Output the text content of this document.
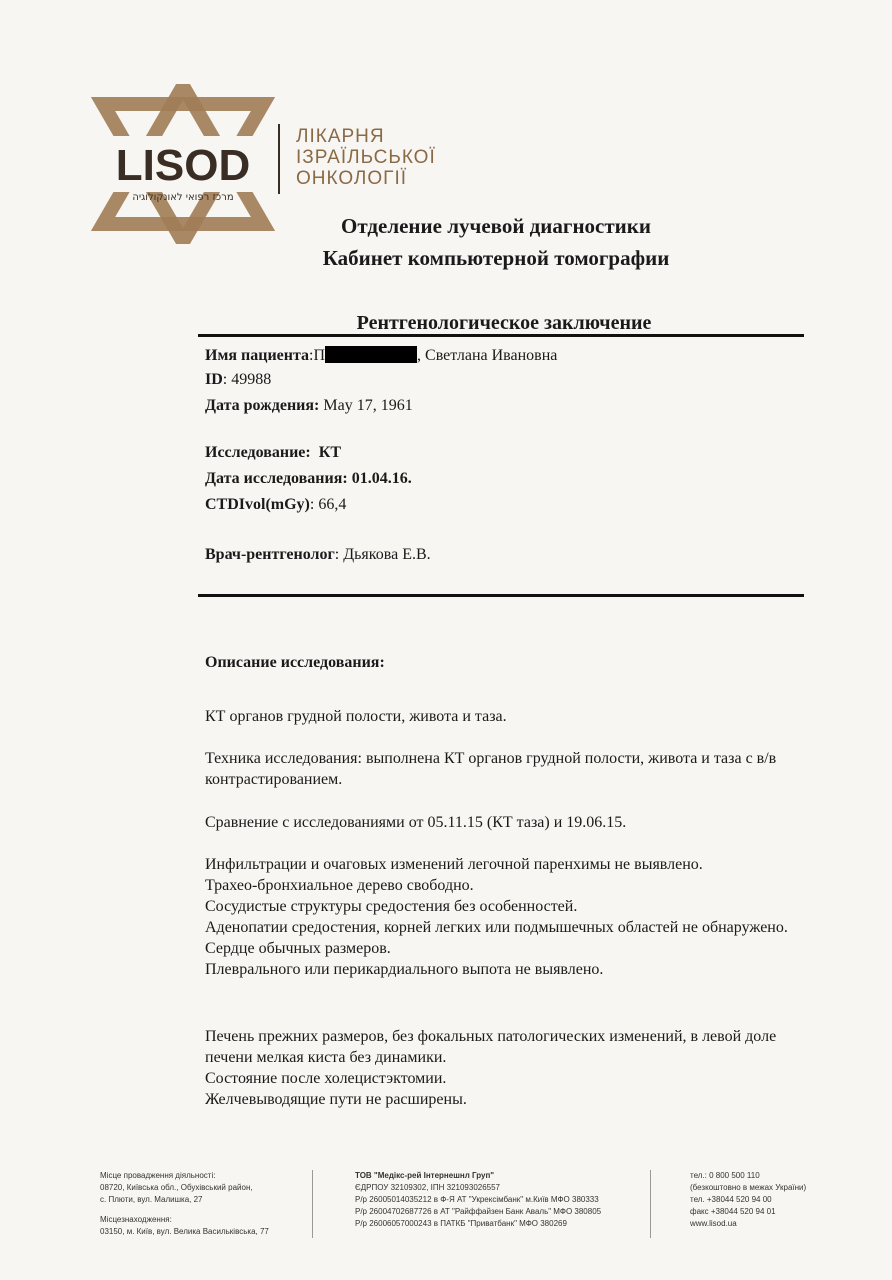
LISOD
מרכז רפואי לאונקולוגיה
ЛІКАРНЯ
ІЗРАЇЛЬСЬКОЇ
ОНКОЛОГІЇ
Отделение лучевой диагностики
Кабинет компьютерной томографии
Рентгенологическое заключение
Имя пациента:П	, Светлана Ивановна
ID: 49988
Дата рождения: May 17, 1961
Исследование: КТ
Дата исследования: 01.04.16.
CTDIvol(mGy): 66,4
Врач-рентгенолог: Дьякова Е.В.
Описание исследования:
КТ органов грудной полости, живота и таза.
Техника исследования: выполнена КТ органов грудной полости, живота и таза с в/в контрастированием.
Сравнение с исследованиями от 05.11.15 (КТ таза) и 19.06.15.
Инфильтрации и очаговых изменений легочной паренхимы не выявлено.
Трахео-бронхиальное дерево свободно.
Сосудистые структуры средостения без особенностей.
Аденопатии средостения, корней легких или подмышечных областей не обнаружено.
Сердце обычных размеров.
Плеврального или перикардиального выпота не выявлено.
Печень прежних размеров, без фокальных патологических изменений, в левой доле печени мелкая киста без динамики.
Состояние после холецистэктомии.
Желчевыводящие пути не расширены.
Місце провадження діяльності:
08720, Київська обл., Обухівський район,
с. Плюти, вул. Малишка, 27
Місцезнаходження:
03150, м. Київ, вул. Велика Васильківська, 77
ТОВ "Медікс-рей Інтернешнл Груп"
ЄДРПОУ 32109302, ІПН 321093026557
Р/р 26005014035212 в Ф-Я АТ "Укрексімбанк" м.Київ МФО 380333
Р/р 26004702687726 в АТ "Райффайзен Банк Аваль" МФО 380805
Р/р 26006057000243 в ПАТКБ "Приватбанк" МФО 380269
тел.: 0 800 500 110
(безкоштовно в межах України)
тел. +38044 520 94 00
факс +38044 520 94 01
www.lisod.ua
